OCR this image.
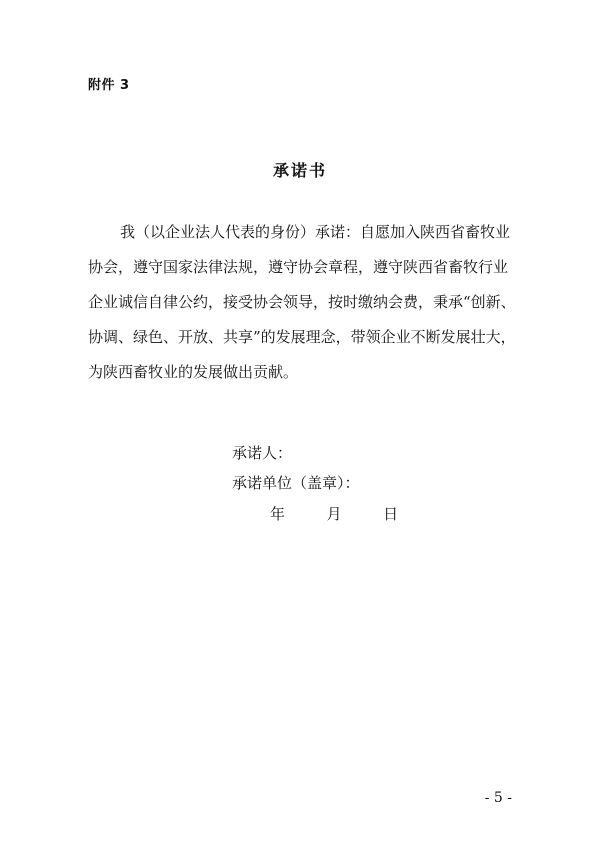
附件 3
承诺书
我（以企业法人代表的身份）承诺：自愿加入陕西省畜牧业
协会，遵守国家法律法规，遵守协会章程，遵守陕西省畜牧行业
企业诚信自律公约，接受协会领导，按时缴纳会费，秉承“创新、
协调、绿色、开放、共享”的发展理念，带领企业不断发展壮大，
为陕西畜牧业的发展做出贡献。
承诺人：
承诺单位（盖章）：
年	月	日
- 5 -
